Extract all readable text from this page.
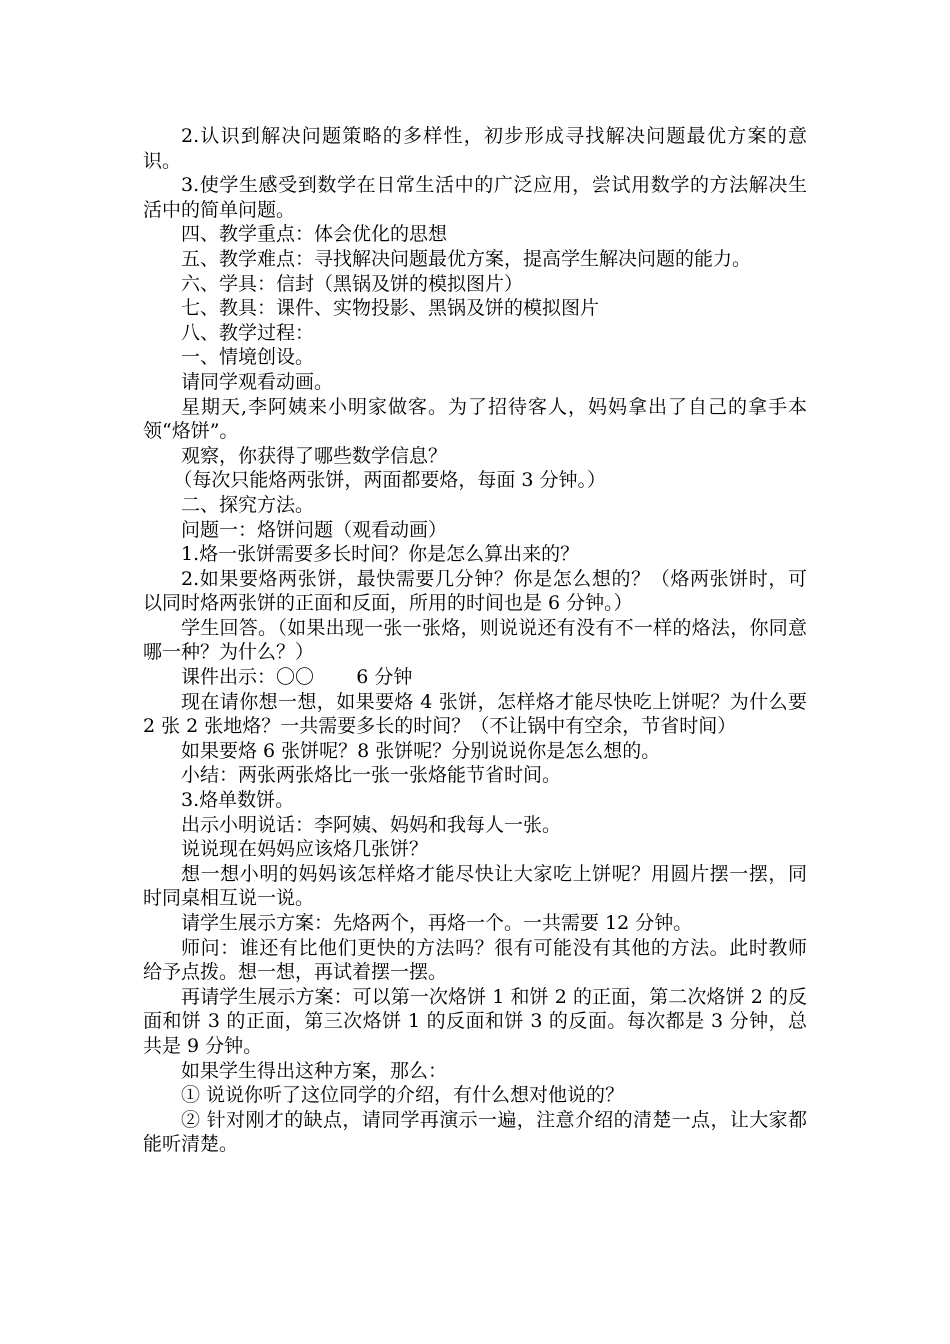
2.认识到解决问题策略的多样性，初步形成寻找解决问题最优方案的意识。

3.使学生感受到数学在日常生活中的广泛应用，尝试用数学的方法解决生活中的简单问题。

四、教学重点：体会优化的思想

五、教学难点：寻找解决问题最优方案，提高学生解决问题的能力。

六、学具：信封（黑锅及饼的模拟图片）

七、教具：课件、实物投影、黑锅及饼的模拟图片

八、教学过程：

一、情境创设。

请同学观看动画。

星期天,李阿姨来小明家做客。为了招待客人，妈妈拿出了自己的拿手本领“烙饼”。

观察，你获得了哪些数学信息？

（每次只能烙两张饼，两面都要烙，每面 3 分钟。）

二、探究方法。

问题一：烙饼问题（观看动画）

1.烙一张饼需要多长时间？你是怎么算出来的？

2.如果要烙两张饼，最快需要几分钟？你是怎么想的？（烙两张饼时，可以同时烙两张饼的正面和反面，所用的时间也是 6 分钟。）

学生回答。（如果出现一张一张烙，则说说还有没有不一样的烙法，你同意哪一种？为什么？）

课件出示：〇〇       6 分钟

现在请你想一想，如果要烙 4 张饼，怎样烙才能尽快吃上饼呢？为什么要 2 张 2 张地烙？一共需要多长的时间？（不让锅中有空余，节省时间）

如果要烙 6 张饼呢？8 张饼呢？分别说说你是怎么想的。

小结：两张两张烙比一张一张烙能节省时间。

3.烙单数饼。

出示小明说话：李阿姨、妈妈和我每人一张。

说说现在妈妈应该烙几张饼？

想一想小明的妈妈该怎样烙才能尽快让大家吃上饼呢？用圆片摆一摆，同时同桌相互说一说。

请学生展示方案：先烙两个，再烙一个。一共需要 12 分钟。

师问：谁还有比他们更快的方法吗？很有可能没有其他的方法。此时教师给予点拨。想一想，再试着摆一摆。

再请学生展示方案：可以第一次烙饼 1 和饼 2 的正面，第二次烙饼 2 的反面和饼 3 的正面，第三次烙饼 1 的反面和饼 3 的反面。每次都是 3 分钟，总共是 9 分钟。

如果学生得出这种方案，那么：

① 说说你听了这位同学的介绍，有什么想对他说的？

② 针对刚才的缺点，请同学再演示一遍，注意介绍的清楚一点，让大家都能听清楚。
